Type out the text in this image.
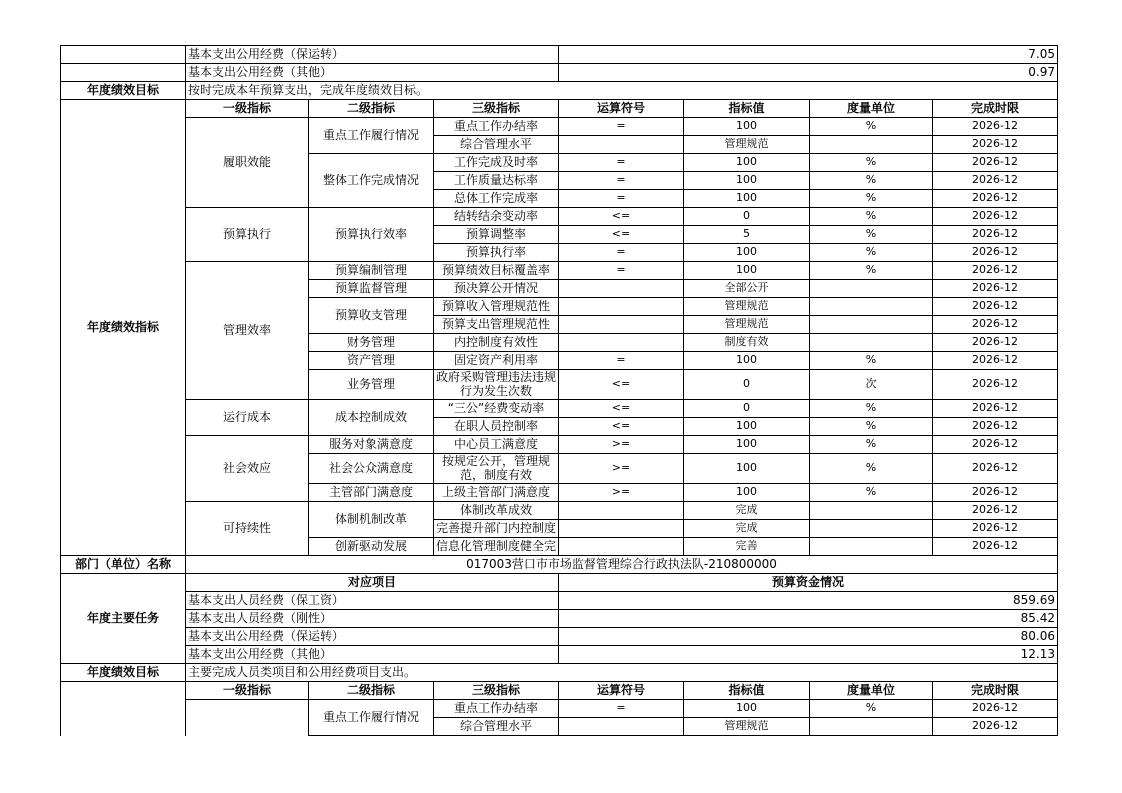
	基本支出公用经费（保运转）			7.05			
	基本支出公用经费（其他）			0.97			
年度绩效目标	按时完成本年预算支出，完成年度绩效目标。						
年度绩效指标	一级指标	二级指标	三级指标	运算符号	指标值	度量单位	完成时限
	履职效能	重点工作履行情况	重点工作办结率	=	100	%	2026-12
			综合管理水平		管理规范		2026-12
		整体工作完成情况	工作完成及时率	=	100	%	2026-12
			工作质量达标率	=	100	%	2026-12
			总体工作完成率	=	100	%	2026-12
	预算执行	预算执行效率	结转结余变动率	<=	0	%	2026-12
			预算调整率	<=	5	%	2026-12
			预算执行率	=	100	%	2026-12
	管理效率	预算编制管理	预算绩效目标覆盖率	=	100	%	2026-12
		预算监督管理	预决算公开情况		全部公开		2026-12
		预算收支管理	预算收入管理规范性		管理规范		2026-12
			预算支出管理规范性		管理规范		2026-12
		财务管理	内控制度有效性		制度有效		2026-12
		资产管理	固定资产利用率	=	100	%	2026-12
		业务管理	政府采购管理违法违规行为发生次数	<=	0	次	2026-12
	运行成本	成本控制成效	“三公”经费变动率	<=	0	%	2026-12
			在职人员控制率	<=	100	%	2026-12
	社会效应	服务对象满意度	中心员工满意度	>=	100	%	2026-12
		社会公众满意度	按规定公开，管理规范，制度有效	>=	100	%	2026-12
		主管部门满意度	上级主管部门满意度	>=	100	%	2026-12
	可持续性	体制机制改革	体制改革成效		完成		2026-12
			完善提升部门内控制度		完成		2026-12
		创新驱动发展	信息化管理制度健全完		完善		2026-12
部门（单位）名称	017003营口市市场监督管理综合行政执法队-210800000						
年度主要任务	对应项目			预算资金情况			
	基本支出人员经费（保工资）			859.69			
	基本支出人员经费（刚性）			85.42			
	基本支出公用经费（保运转）			80.06			
	基本支出公用经费（其他）			12.13			
年度绩效目标	主要完成人员类项目和公用经费项目支出。						
	一级指标	二级指标	三级指标	运算符号	指标值	度量单位	完成时限
		重点工作履行情况	重点工作办结率	=	100	%	2026-12
			综合管理水平		管理规范		2026-12
